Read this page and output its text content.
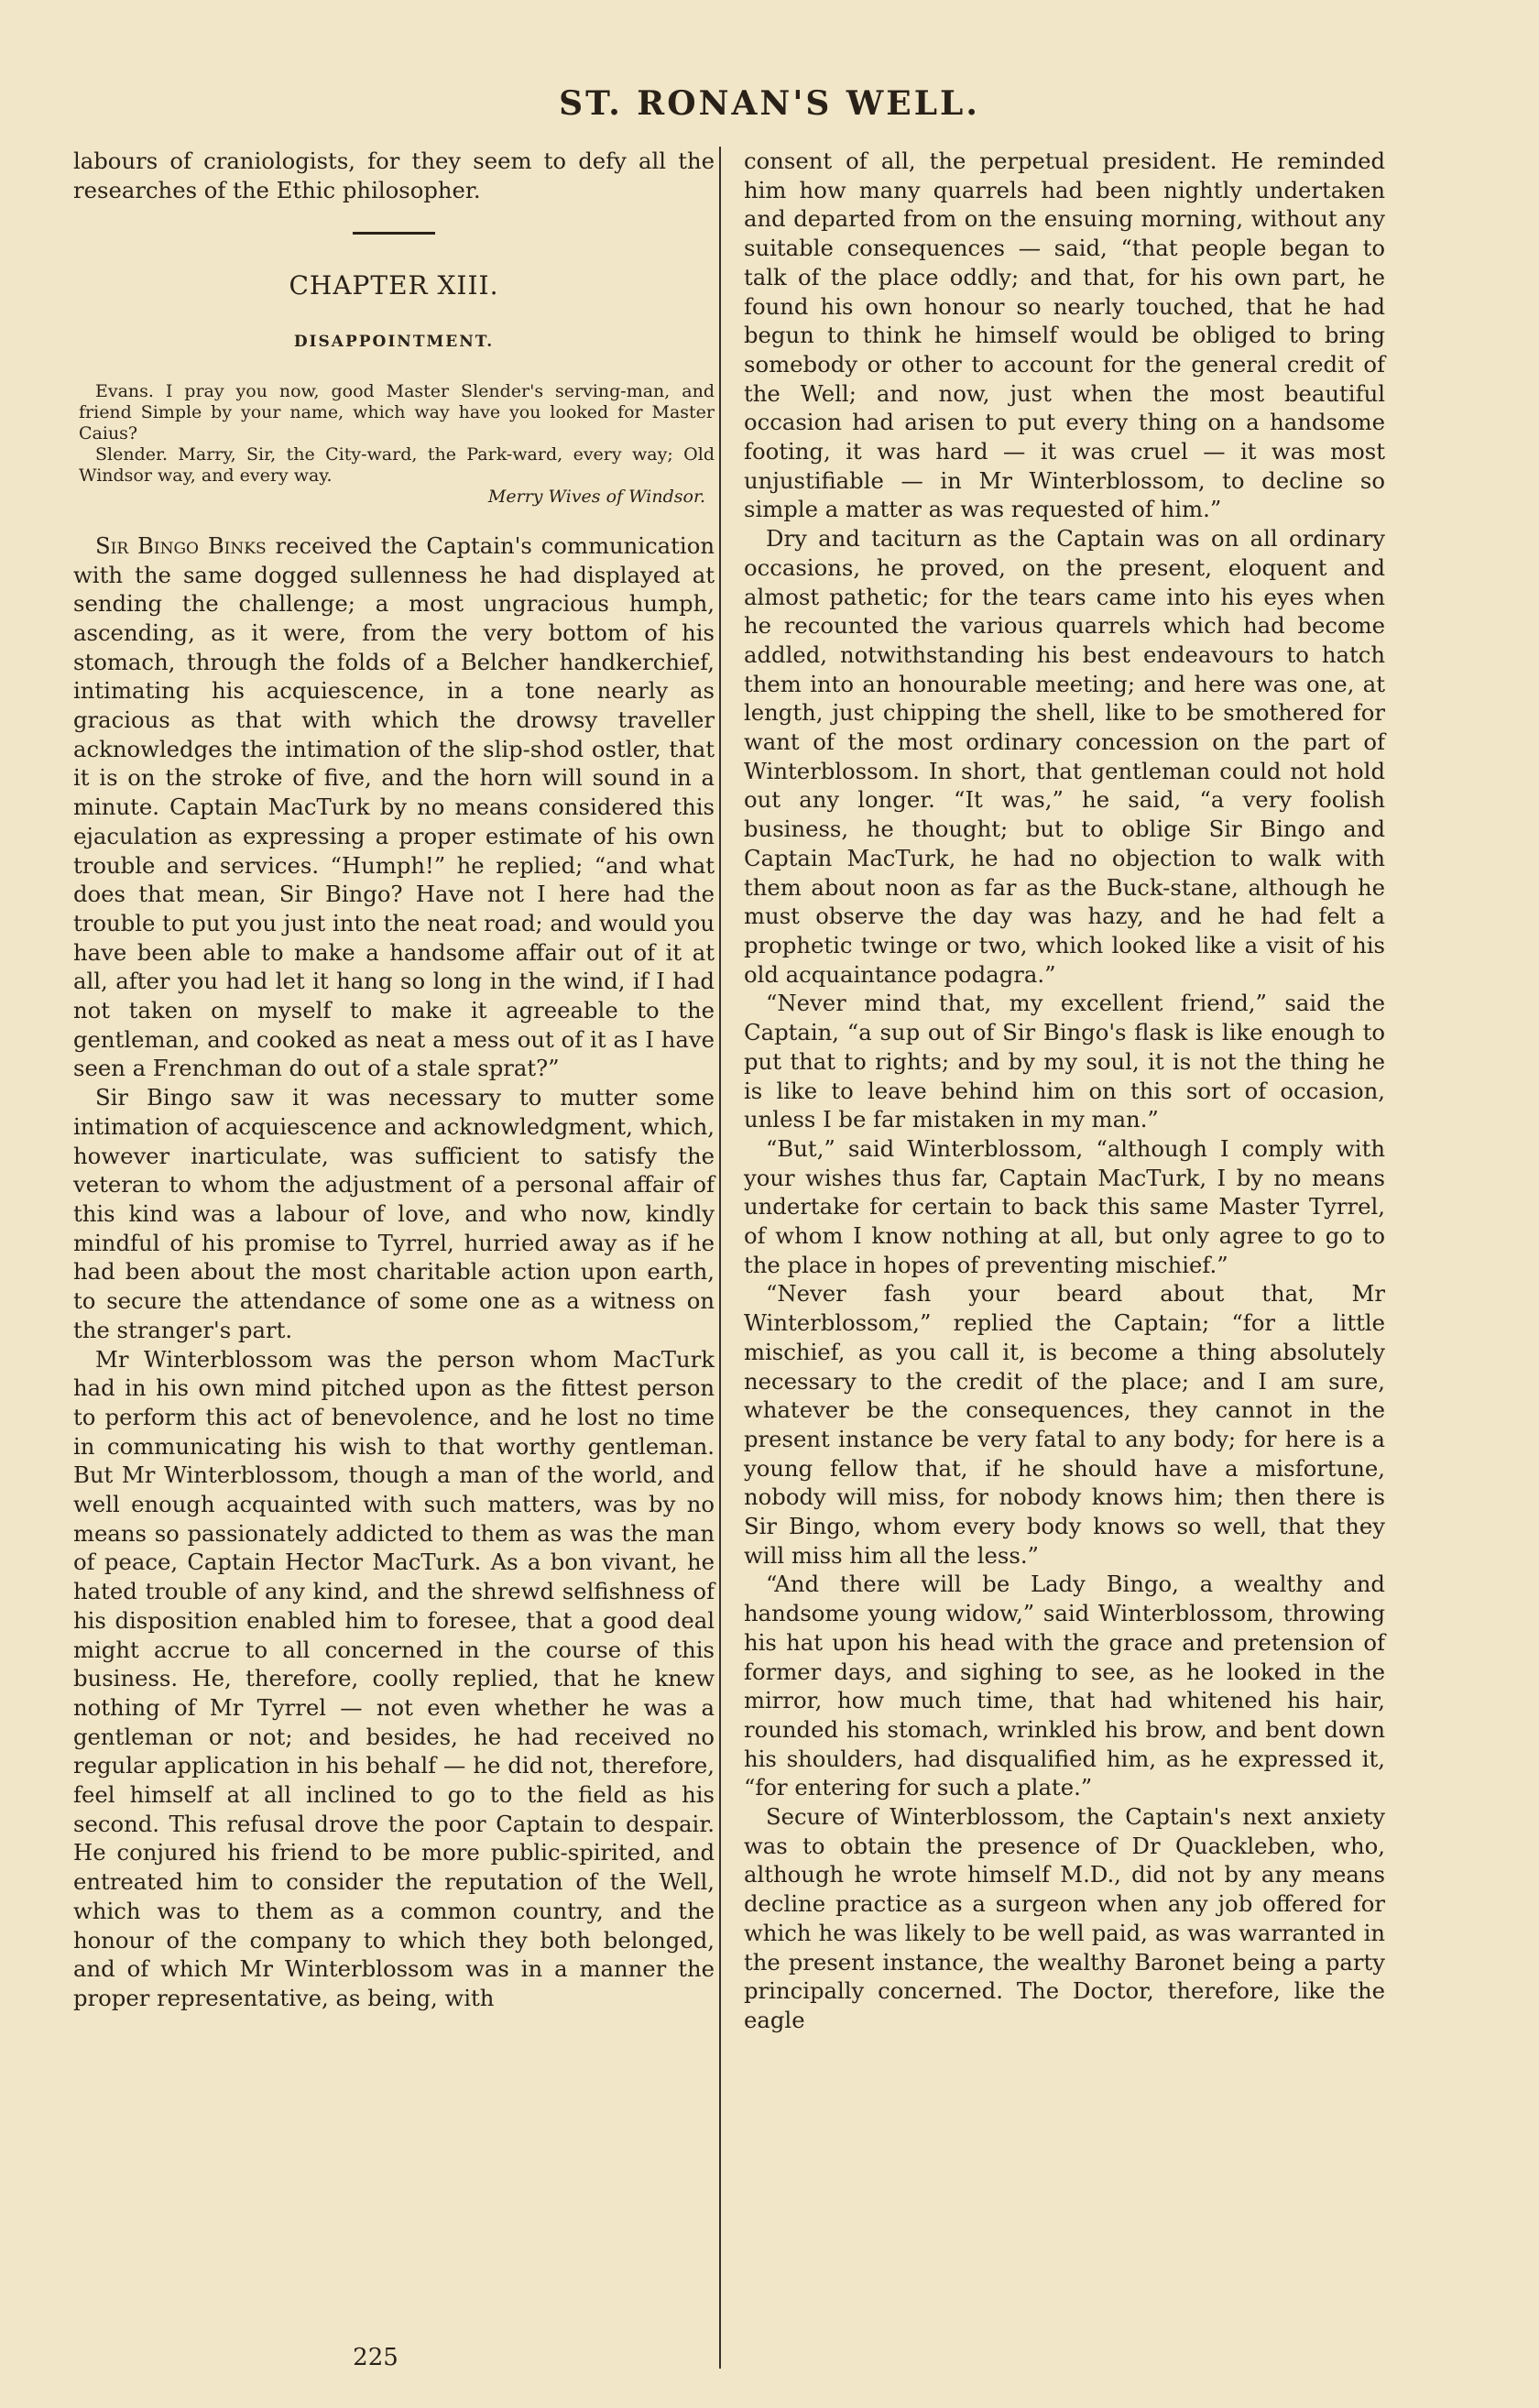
ST. RONAN'S WELL.

labours of craniologists, for they seem to defy all the researches of the Ethic philosopher.

CHAPTER XIII.
DISAPPOINTMENT.
Evans. I pray you now, good Master Slender's serving-man, and friend Simple by your name, which way have you looked for Master Caius?
Slender. Marry, Sir, the City-ward, the Park-ward, every way; Old Windsor way, and every way.
Merry Wives of Windsor.

Sir Bingo Binks received the Captain's communication with the same dogged sullenness he had displayed at sending the challenge; a most ungracious humph, ascending, as it were, from the very bottom of his stomach, through the folds of a Belcher handkerchief, intimating his acquiescence, in a tone nearly as gracious as that with which the drowsy traveller acknowledges the intimation of the slip-shod ostler, that it is on the stroke of five, and the horn will sound in a minute. Captain MacTurk by no means considered this ejaculation as expressing a proper estimate of his own trouble and services. “Humph!” he replied; “and what does that mean, Sir Bingo? Have not I here had the trouble to put you just into the neat road; and would you have been able to make a handsome affair out of it at all, after you had let it hang so long in the wind, if I had not taken on myself to make it agreeable to the gentleman, and cooked as neat a mess out of it as I have seen a Frenchman do out of a stale sprat?”

Sir Bingo saw it was necessary to mutter some intimation of acquiescence and acknowledgment, which, however inarticulate, was sufficient to satisfy the veteran to whom the adjustment of a personal affair of this kind was a labour of love, and who now, kindly mindful of his promise to Tyrrel, hurried away as if he had been about the most charitable action upon earth, to secure the attendance of some one as a witness on the stranger's part.

Mr Winterblossom was the person whom MacTurk had in his own mind pitched upon as the fittest person to perform this act of benevolence, and he lost no time in communicating his wish to that worthy gentleman. But Mr Winterblossom, though a man of the world, and well enough acquainted with such matters, was by no means so passionately addicted to them as was the man of peace, Captain Hector MacTurk. As a bon vivant, he hated trouble of any kind, and the shrewd selfishness of his disposition enabled him to foresee, that a good deal might accrue to all concerned in the course of this business. He, therefore, coolly replied, that he knew nothing of Mr Tyrrel — not even whether he was a gentleman or not; and besides, he had received no regular application in his behalf — he did not, therefore, feel himself at all inclined to go to the field as his second. This refusal drove the poor Captain to despair. He conjured his friend to be more public-spirited, and entreated him to consider the reputation of the Well, which was to them as a common country, and the honour of the company to which they both belonged, and of which Mr Winterblossom was in a manner the proper representative, as being, with

consent of all, the perpetual president. He reminded him how many quarrels had been nightly undertaken and departed from on the ensuing morning, without any suitable consequences — said, “that people began to talk of the place oddly; and that, for his own part, he found his own honour so nearly touched, that he had begun to think he himself would be obliged to bring somebody or other to account for the general credit of the Well; and now, just when the most beautiful occasion had arisen to put every thing on a handsome footing, it was hard — it was cruel — it was most unjustifiable — in Mr Winterblossom, to decline so simple a matter as was requested of him.”

Dry and taciturn as the Captain was on all ordinary occasions, he proved, on the present, eloquent and almost pathetic; for the tears came into his eyes when he recounted the various quarrels which had become addled, notwithstanding his best endeavours to hatch them into an honourable meeting; and here was one, at length, just chipping the shell, like to be smothered for want of the most ordinary concession on the part of Winterblossom. In short, that gentleman could not hold out any longer. “It was,” he said, “a very foolish business, he thought; but to oblige Sir Bingo and Captain MacTurk, he had no objection to walk with them about noon as far as the Buck-stane, although he must observe the day was hazy, and he had felt a prophetic twinge or two, which looked like a visit of his old acquaintance podagra.”

“Never mind that, my excellent friend,” said the Captain, “a sup out of Sir Bingo's flask is like enough to put that to rights; and by my soul, it is not the thing he is like to leave behind him on this sort of occasion, unless I be far mistaken in my man.”

“But,” said Winterblossom, “although I comply with your wishes thus far, Captain MacTurk, I by no means undertake for certain to back this same Master Tyrrel, of whom I know nothing at all, but only agree to go to the place in hopes of preventing mischief.”

“Never fash your beard about that, Mr Winterblossom,” replied the Captain; “for a little mischief, as you call it, is become a thing absolutely necessary to the credit of the place; and I am sure, whatever be the consequences, they cannot in the present instance be very fatal to any body; for here is a young fellow that, if he should have a misfortune, nobody will miss, for nobody knows him; then there is Sir Bingo, whom every body knows so well, that they will miss him all the less.”

“And there will be Lady Bingo, a wealthy and handsome young widow,” said Winterblossom, throwing his hat upon his head with the grace and pretension of former days, and sighing to see, as he looked in the mirror, how much time, that had whitened his hair, rounded his stomach, wrinkled his brow, and bent down his shoulders, had disqualified him, as he expressed it, “for entering for such a plate.”

Secure of Winterblossom, the Captain's next anxiety was to obtain the presence of Dr Quackleben, who, although he wrote himself M.D., did not by any means decline practice as a surgeon when any job offered for which he was likely to be well paid, as was warranted in the present instance, the wealthy Baronet being a party principally concerned. The Doctor, therefore, like the eagle

225
